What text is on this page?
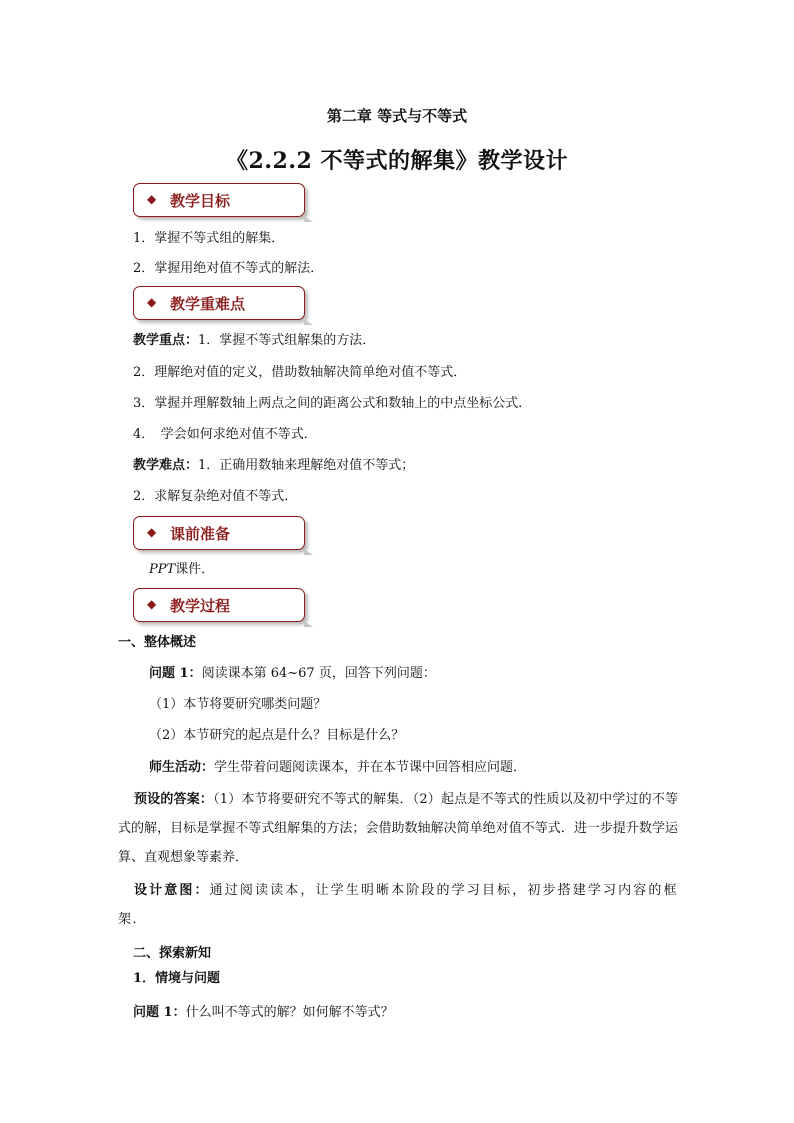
第二章 等式与不等式
《2.2.2 不等式的解集》教学设计
◆ 教学目标
1．掌握不等式组的解集．
2．掌握用绝对值不等式的解法．
◆ 教学重难点
教学重点：1．掌握不等式组解集的方法．
2．理解绝对值的定义，借助数轴解决简单绝对值不等式．
3．掌握并理解数轴上两点之间的距离公式和数轴上的中点坐标公式．
4．　学会如何求绝对值不等式．
教学难点：1．正确用数轴来理解绝对值不等式；
2．求解复杂绝对值不等式．
◆ 课前准备
PPT课件．
◆ 教学过程
一、整体概述
问题 1：阅读课本第 64~67 页，回答下列问题：
（1）本节将要研究哪类问题？
（2）本节研究的起点是什么？目标是什么？
师生活动：学生带着问题阅读课本，并在本节课中回答相应问题．
预设的答案：（1）本节将要研究不等式的解集．（2）起点是不等式的性质以及初中学过的不等式的解，目标是掌握不等式组解集的方法；会借助数轴解决简单绝对值不等式．进一步提升数学运算、直观想象等素养．
设计意图：通过阅读读本，让学生明晰本阶段的学习目标，初步搭建学习内容的框架．
二、探索新知
1．情境与问题
问题 1：什么叫不等式的解？如何解不等式？
